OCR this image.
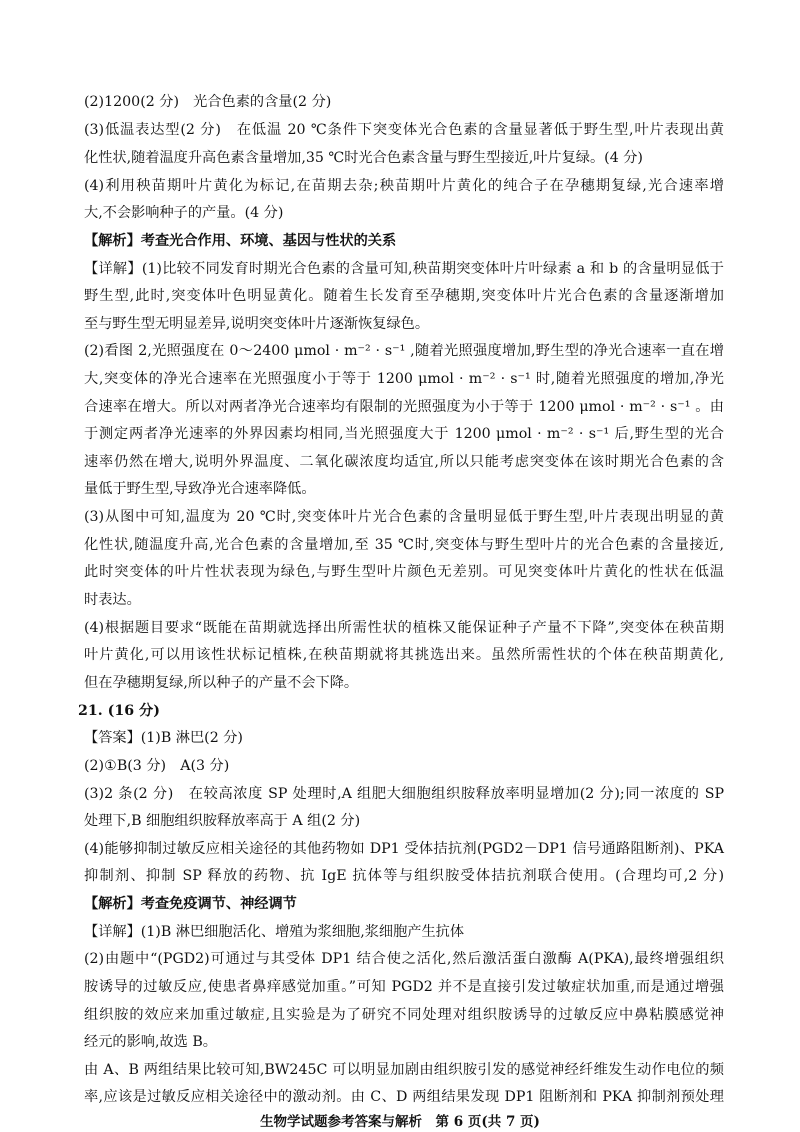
(2)1200(2 分)　光合色素的含量(2 分)
(3)低温表达型(2 分)　在低温 20 ℃条件下突变体光合色素的含量显著低于野生型,叶片表现出黄
化性状,随着温度升高色素含量增加,35 ℃时光合色素含量与野生型接近,叶片复绿。(4 分)
(4)利用秧苗期叶片黄化为标记,在苗期去杂;秧苗期叶片黄化的纯合子在孕穗期复绿,光合速率增
大,不会影响种子的产量。(4 分)
【解析】考查光合作用、环境、基因与性状的关系
【详解】(1)比较不同发育时期光合色素的含量可知,秧苗期突变体叶片叶绿素 a 和 b 的含量明显低于
野生型,此时,突变体叶色明显黄化。随着生长发育至孕穗期,突变体叶片光合色素的含量逐渐增加
至与野生型无明显差异,说明突变体叶片逐渐恢复绿色。
(2)看图 2,光照强度在 0～2400 μmol · m⁻² · s⁻¹ ,随着光照强度增加,野生型的净光合速率一直在增
大,突变体的净光合速率在光照强度小于等于 1200 μmol · m⁻² · s⁻¹ 时,随着光照强度的增加,净光
合速率在增大。所以对两者净光合速率均有限制的光照强度为小于等于 1200 μmol · m⁻² · s⁻¹ 。由
于测定两者净光速率的外界因素均相同,当光照强度大于 1200 μmol · m⁻² · s⁻¹ 后,野生型的光合
速率仍然在增大,说明外界温度、二氧化碳浓度均适宜,所以只能考虑突变体在该时期光合色素的含
量低于野生型,导致净光合速率降低。
(3)从图中可知,温度为 20 ℃时,突变体叶片光合色素的含量明显低于野生型,叶片表现出明显的黄
化性状,随温度升高,光合色素的含量增加,至 35 ℃时,突变体与野生型叶片的光合色素的含量接近,
此时突变体的叶片性状表现为绿色,与野生型叶片颜色无差别。可见突变体叶片黄化的性状在低温
时表达。
(4)根据题目要求“既能在苗期就选择出所需性状的植株又能保证种子产量不下降”,突变体在秧苗期
叶片黄化,可以用该性状标记植株,在秧苗期就将其挑选出来。虽然所需性状的个体在秧苗期黄化,
但在孕穗期复绿,所以种子的产量不会下降。
21. (16 分)
【答案】(1)B 淋巴(2 分)
(2)①B(3 分)　A(3 分)
(3)2 条(2 分)　在较高浓度 SP 处理时,A 组肥大细胞组织胺释放率明显增加(2 分);同一浓度的 SP
处理下,B 细胞组织胺释放率高于 A 组(2 分)
(4)能够抑制过敏反应相关途径的其他药物如 DP1 受体拮抗剂(PGD2－DP1 信号通路阻断剂)、PKA
抑制剂、抑制 SP 释放的药物、抗 IgE 抗体等与组织胺受体拮抗剂联合使用。(合理均可,2 分)
【解析】考查免疫调节、神经调节
【详解】(1)B 淋巴细胞活化、增殖为浆细胞,浆细胞产生抗体
(2)由题中“(PGD2)可通过与其受体 DP1 结合使之活化,然后激活蛋白激酶 A(PKA),最终增强组织
胺诱导的过敏反应,使患者鼻痒感觉加重。”可知 PGD2 并不是直接引发过敏症状加重,而是通过增强
组织胺的效应来加重过敏症,且实验是为了研究不同处理对组织胺诱导的过敏反应中鼻粘膜感觉神
经元的影响,故选 B。
由 A、B 两组结果比较可知,BW245C 可以明显加剧由组织胺引发的感觉神经纤维发生动作电位的频
率,应该是过敏反应相关途径中的激动剂。由 C、D 两组结果发现 DP1 阻断剂和 PKA 抑制剂预处理
生物学试题参考答案与解析　第 6 页(共 7 页)
